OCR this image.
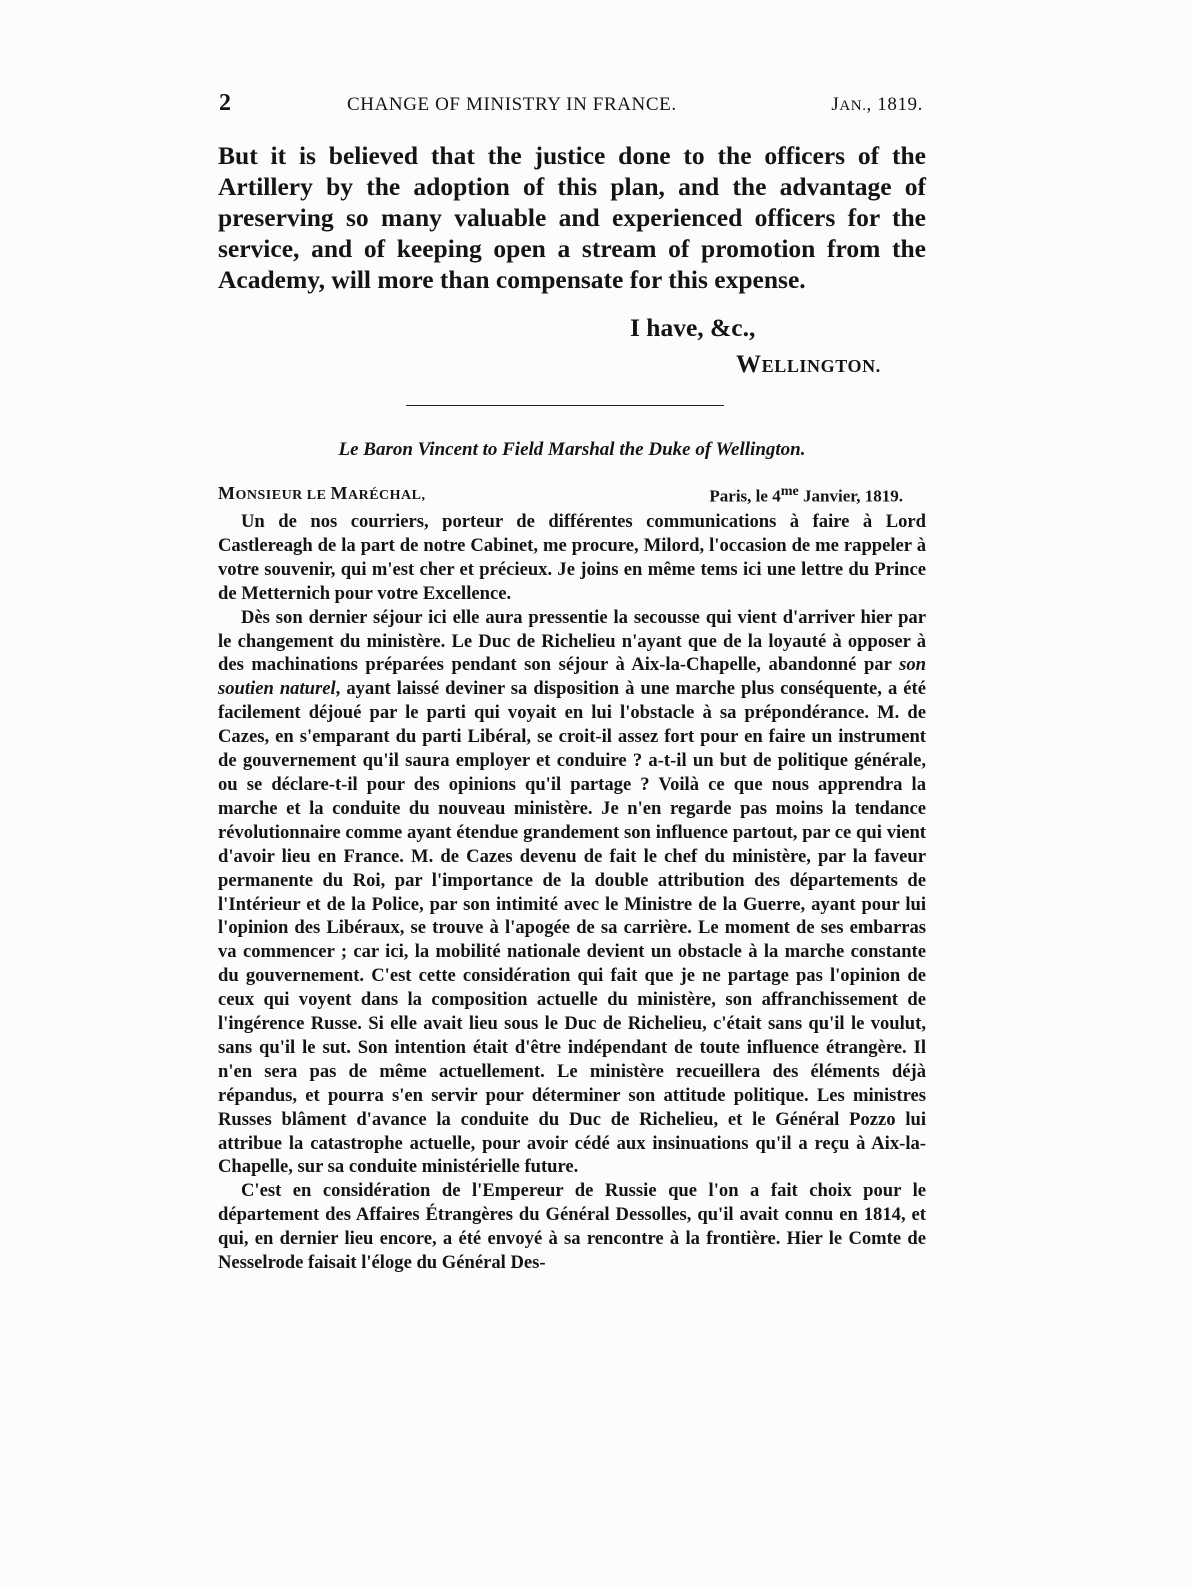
2	CHANGE OF MINISTRY IN FRANCE.	JAN., 1819.

But it is believed that the justice done to the officers of the Artillery by the adoption of this plan, and the advantage of preserving so many valuable and experienced officers for the service, and of keeping open a stream of promotion from the Academy, will more than compensate for this expense.

I have, &c.,
WELLINGTON.
Le Baron Vincent to Field Marshal the Duke of Wellington.
MONSIEUR LE MARÉCHAL,	Paris, le $4^{me}$ Janvier, 1819.

Un de nos courriers, porteur de différentes communications à faire à Lord Castlereagh de la part de notre Cabinet, me procure, Milord, l'occasion de me rappeler à votre souvenir, qui m'est cher et précieux. Je joins en même tems ici une lettre du Prince de Metternich pour votre Excellence.

Dès son dernier séjour ici elle aura pressentie la secousse qui vient d'arriver hier par le changement du ministère. Le Duc de Richelieu n'ayant que de la loyauté à opposer à des machinations préparées pendant son séjour à Aix-la-Chapelle, abandonné par son soutien naturel, ayant laissé deviner sa disposition à une marche plus conséquente, a été facilement déjoué par le parti qui voyait en lui l'obstacle à sa prépondérance. M. de Cazes, en s'emparant du parti Libéral, se croit-il assez fort pour en faire un instrument de gouvernement qu'il saura employer et conduire ? a-t-il un but de politique générale, ou se déclare-t-il pour des opinions qu'il partage ? Voilà ce que nous apprendra la marche et la conduite du nouveau ministère. Je n'en regarde pas moins la tendance révolutionnaire comme ayant étendue grandement son influence partout, par ce qui vient d'avoir lieu en France. M. de Cazes devenu de fait le chef du ministère, par la faveur permanente du Roi, par l'importance de la double attribution des départements de l'Intérieur et de la Police, par son intimité avec le Ministre de la Guerre, ayant pour lui l'opinion des Libéraux, se trouve à l'apogée de sa carrière. Le moment de ses embarras va commencer ; car ici, la mobilité nationale devient un obstacle à la marche constante du gouvernement. C'est cette considération qui fait que je ne partage pas l'opinion de ceux qui voyent dans la composition actuelle du ministère, son affranchissement de l'ingérence Russe. Si elle avait lieu sous le Duc de Richelieu, c'était sans qu'il le voulut, sans qu'il le sut. Son intention était d'être indépendant de toute influence étrangère. Il n'en sera pas de même actuellement. Le ministère recueillera des éléments déjà répandus, et pourra s'en servir pour déterminer son attitude politique. Les ministres Russes blâment d'avance la conduite du Duc de Richelieu, et le Général Pozzo lui attribue la catastrophe actuelle, pour avoir cédé aux insinuations qu'il a reçu à Aix-la-Chapelle, sur sa conduite ministérielle future.

C'est en considération de l'Empereur de Russie que l'on a fait choix pour le département des Affaires Étrangères du Général Dessolles, qu'il avait connu en 1814, et qui, en dernier lieu encore, a été envoyé à sa rencontre à la frontière. Hier le Comte de Nesselrode faisait l'éloge du Général Des-
